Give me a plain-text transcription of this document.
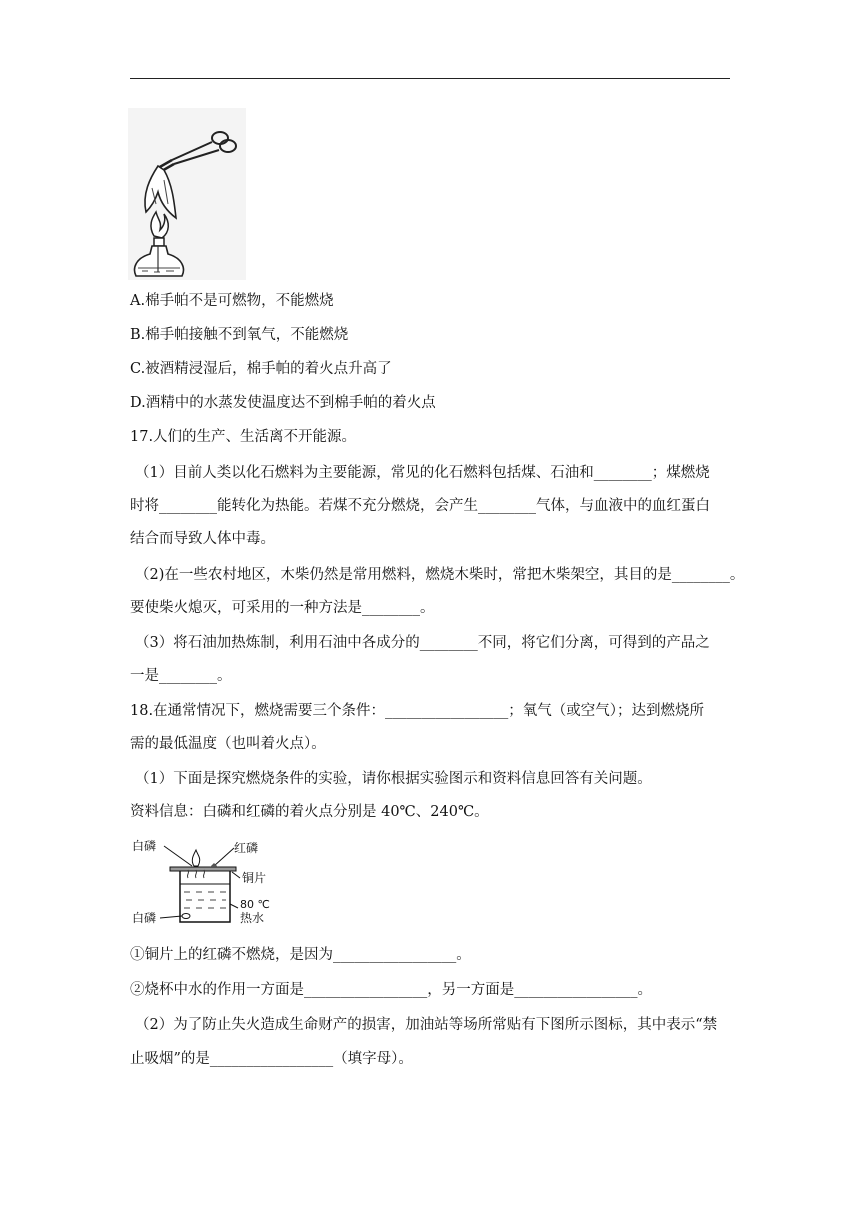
A.棉手帕不是可燃物，不能燃烧
B.棉手帕接触不到氧气，不能燃烧
C.被酒精浸湿后，棉手帕的着火点升高了
D.酒精中的水蒸发使温度达不到棉手帕的着火点
17.人们的生产、生活离不开能源。
（1）目前人类以化石燃料为主要能源，常见的化石燃料包括煤、石油和________；煤燃烧
时将________能转化为热能。若煤不充分燃烧，会产生________气体，与血液中的血红蛋白
结合而导致人体中毒。
（2)在一些农村地区，木柴仍然是常用燃料，燃烧木柴时，常把木柴架空，其目的是________。
要使柴火熄灭，可采用的一种方法是________。
（3）将石油加热炼制，利用石油中各成分的________不同，将它们分离，可得到的产品之
一是________。
18.在通常情况下，燃烧需要三个条件：_________________；氧气（或空气）；达到燃烧所
需的最低温度（也叫着火点）。
（1）下面是探究燃烧条件的实验，请你根据实验图示和资料信息回答有关问题。
资料信息：白磷和红磷的着火点分别是 40℃、240℃。
白磷	红磷
铜片
80 ℃
热水
白磷
①铜片上的红磷不燃烧，是因为_________________。
②烧杯中水的作用一方面是_________________，另一方面是_________________。
（2）为了防止失火造成生命财产的损害，加油站等场所常贴有下图所示图标，其中表示“禁
止吸烟”的是_________________（填字母）。
